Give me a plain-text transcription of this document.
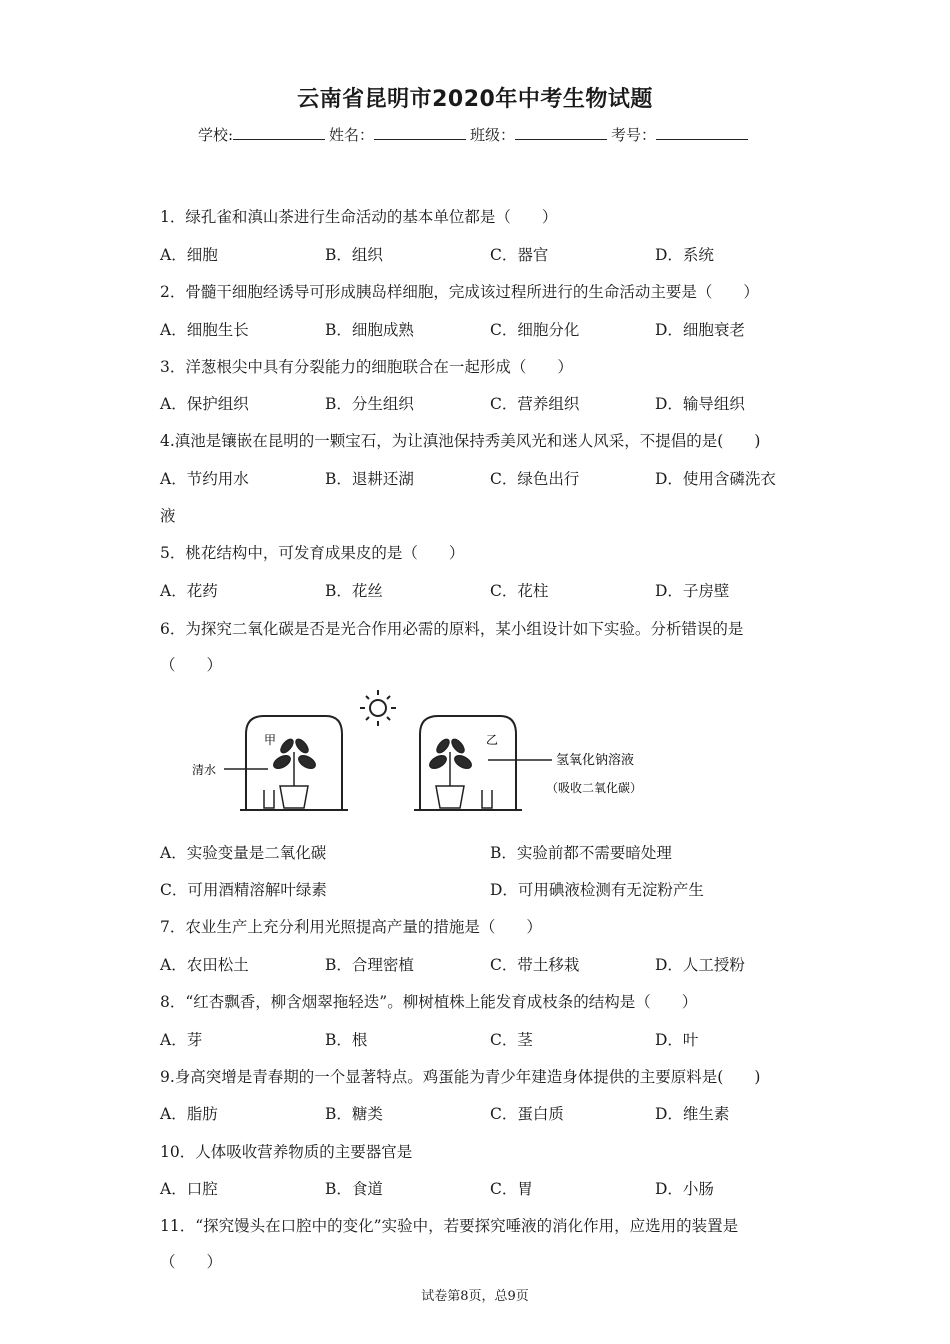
云南省昆明市2020年中考生物试题
学校:	姓名：	班级：	考号：
1．绿孔雀和滇山茶进行生命活动的基本单位都是（　　）
A．细胞	B．组织	C．器官	D．系统
2．骨髓干细胞经诱导可形成胰岛样细胞，完成该过程所进行的生命活动主要是（　　）
A．细胞生长	B．细胞成熟	C．细胞分化	D．细胞衰老
3．洋葱根尖中具有分裂能力的细胞联合在一起形成（　　）
A．保护组织	B．分生组织	C．营养组织	D．输导组织
4.滇池是镶嵌在昆明的一颗宝石，为让滇池保持秀美风光和迷人风采，不提倡的是(　　)
A．节约用水	B．退耕还湖	C．绿色出行	D．使用含磷洗衣
液
5．桃花结构中，可发育成果皮的是（　　）
A．花药	B．花丝	C．花柱	D．子房壁
6．为探究二氧化碳是否是光合作用必需的原料，某小组设计如下实验。分析错误的是
（　　）
甲
清水
乙
氢氧化钠溶液
（吸收二氧化碳）
A．实验变量是二氧化碳	B．实验前都不需要暗处理
C．可用酒精溶解叶绿素	D．可用碘液检测有无淀粉产生
7．农业生产上充分利用光照提高产量的措施是（　　）
A．农田松土	B．合理密植	C．带土移栽	D．人工授粉
8．“红杏飘香，柳含烟翠拖轻迭”。柳树植株上能发育成枝条的结构是（　　）
A．芽	B．根	C．茎	D．叶
9.身高突增是青春期的一个显著特点。鸡蛋能为青少年建造身体提供的主要原料是(　　)
A．脂肪	B．糖类	C．蛋白质	D．维生素
10．人体吸收营养物质的主要器官是
A．口腔	B．食道	C．胃	D．小肠
11．“探究馒头在口腔中的变化”实验中，若要探究唾液的消化作用，应选用的装置是
（　　）
试卷第8页，总9页
